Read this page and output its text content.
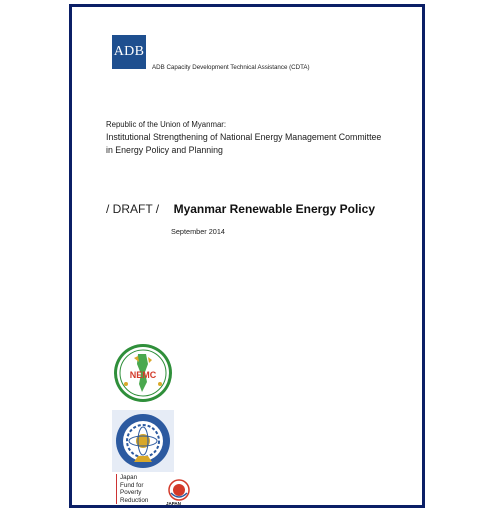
ADB
ADB Capacity Development Technical Assistance (CDTA)
Republic of the Union of Myanmar:
Institutional Strengthening of National Energy Management Committee
in Energy Policy and Planning
/ DRAFT / Myanmar Renewable Energy Policy
September 2014
NEMC
Japan
Fund for
Poverty
Reduction	JAPAN
